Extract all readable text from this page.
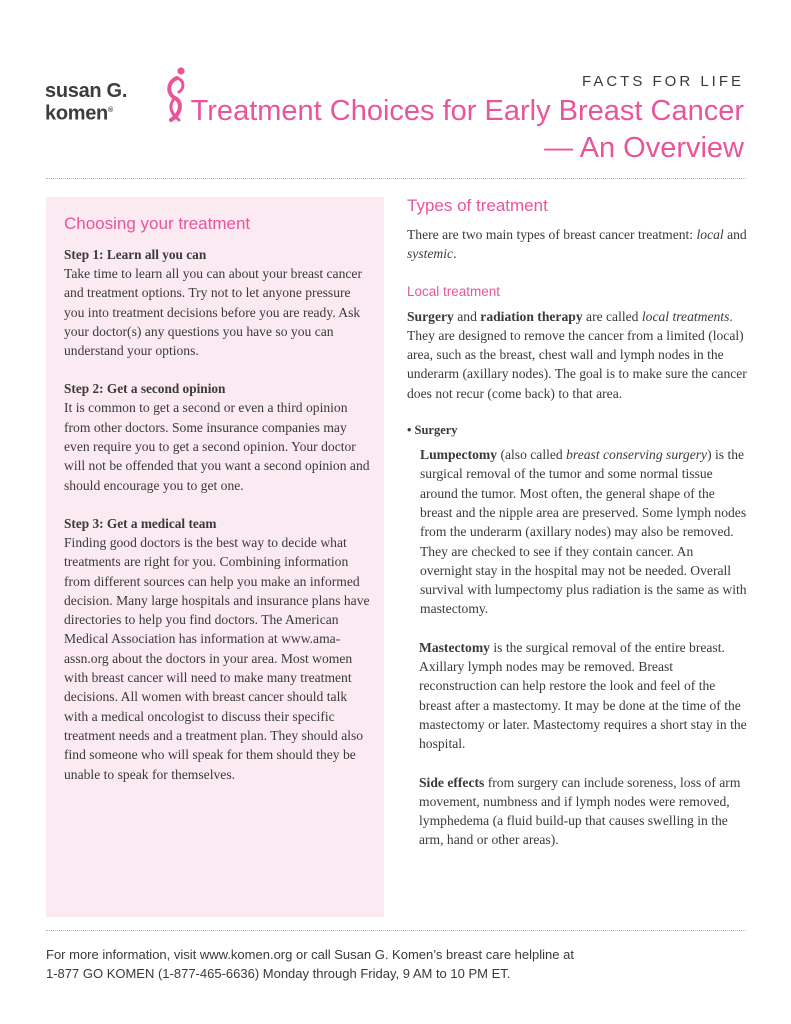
susan G.
komen®
FACTS FOR LIFE
Treatment Choices for Early Breast Cancer — An Overview
Choosing your treatment

Step 1: Learn all you can

Take time to learn all you can about your breast cancer and treatment options. Try not to let anyone pressure you into treatment decisions before you are ready. Ask your doctor(s) any questions you have so you can understand your options.

Step 2: Get a second opinion

It is common to get a second or even a third opinion from other doctors. Some insurance companies may even require you to get a second opinion. Your doctor will not be offended that you want a second opinion and should encourage you to get one.

Step 3: Get a medical team

Finding good doctors is the best way to decide what treatments are right for you. Combining information from different sources can help you make an informed decision. Many large hospitals and insurance plans have directories to help you find doctors. The American Medical Association has information at www.ama-assn.org about the doctors in your area. Most women with breast cancer will need to make many treatment decisions. All women with breast cancer should talk with a medical oncologist to discuss their specific treatment needs and a treatment plan. They should also find someone who will speak for them should they be unable to speak for themselves.

Types of treatment

There are two main types of breast cancer treatment: local and systemic.

Local treatment

Surgery and radiation therapy are called local treatments. They are designed to remove the cancer from a limited (local) area, such as the breast, chest wall and lymph nodes in the underarm (axillary nodes). The goal is to make sure the cancer does not recur (come back) to that area.

• Surgery

Lumpectomy (also called breast conserving surgery) is the surgical removal of the tumor and some normal tissue around the tumor. Most often, the general shape of the breast and the nipple area are preserved. Some lymph nodes from the underarm (axillary nodes) may also be removed. They are checked to see if they contain cancer. An overnight stay in the hospital may not be needed. Overall survival with lumpectomy plus radiation is the same as with mastectomy.

Mastectomy is the surgical removal of the entire breast. Axillary lymph nodes may be removed. Breast reconstruction can help restore the look and feel of the breast after a mastectomy. It may be done at the time of the mastectomy or later. Mastectomy requires a short stay in the hospital.

Side effects from surgery can include soreness, loss of arm movement, numbness and if lymph nodes were removed, lymphedema (a fluid build-up that causes swelling in the arm, hand or other areas).

For more information, visit www.komen.org or call Susan G. Komen’s breast care helpline at
1-877 GO KOMEN (1-877-465-6636) Monday through Friday, 9 AM to 10 PM ET.
